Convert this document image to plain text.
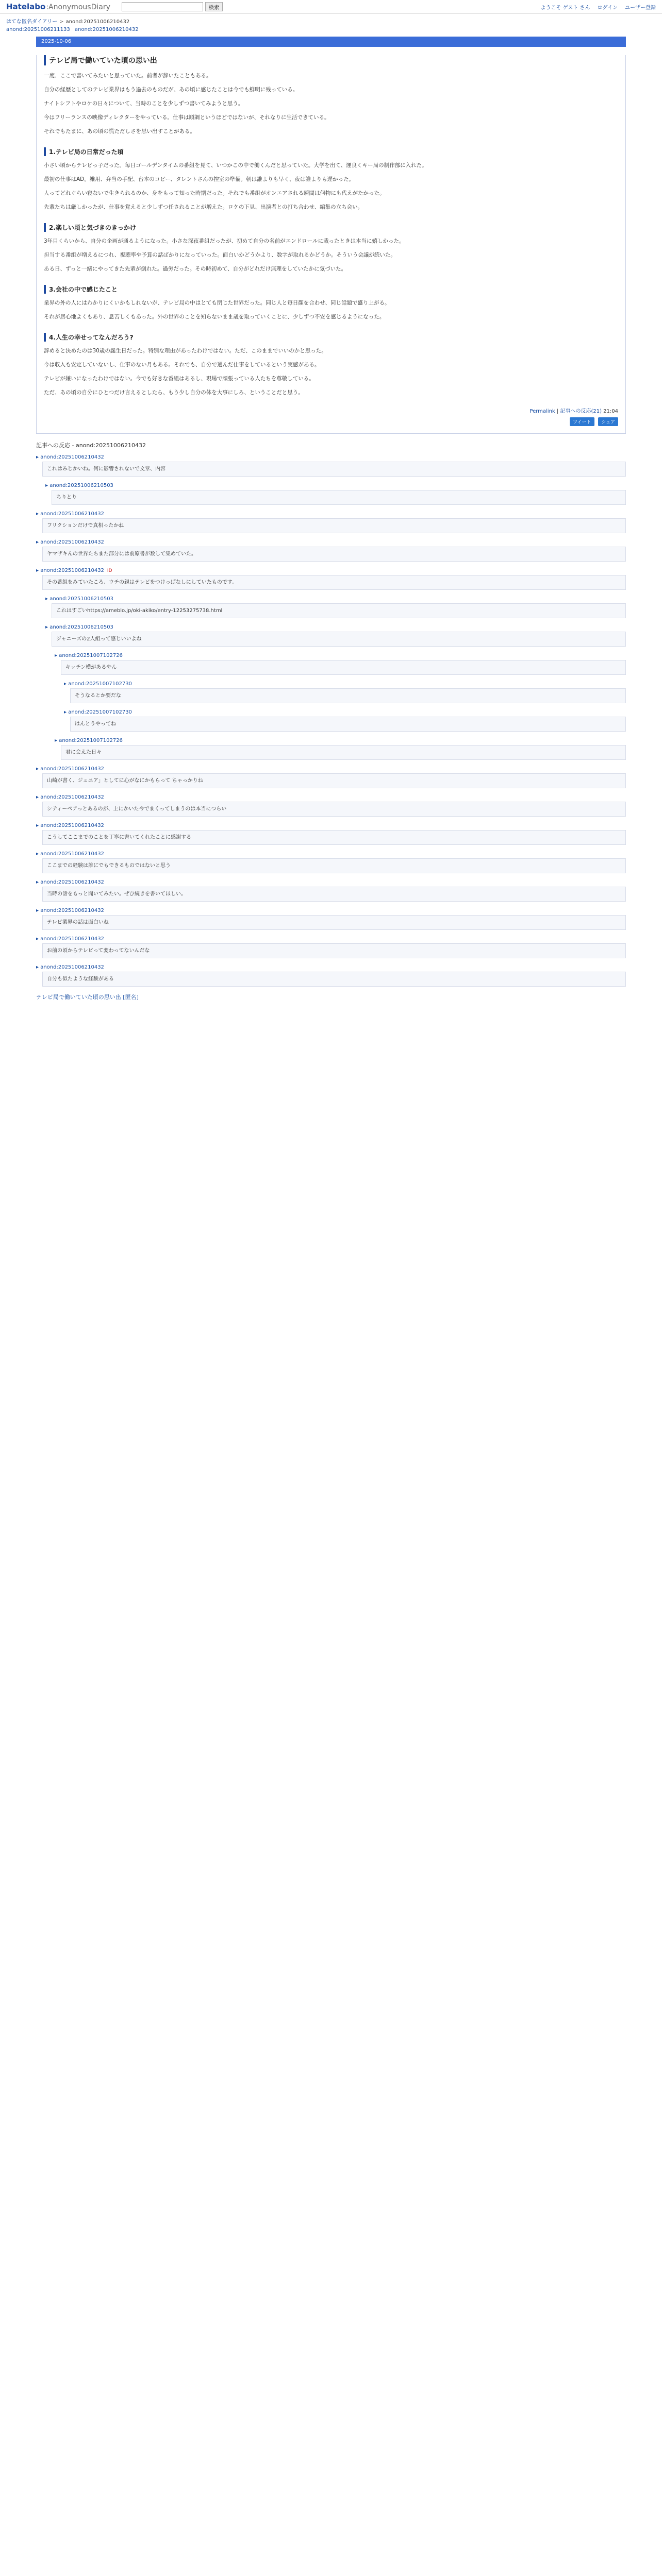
Hatelabo:AnonymousDiary	検索	ようこそ ゲスト さん ログイン ユーザー登録
はてな匿名ダイアリー > anond:20251006210432
anond:20251006211133 anond:20251006210432
2025-10-06
テレビ局で働いていた頃の思い出

一度、ここで書いてみたいと思っていた。前者が辞いたこともある。

自分の経歴としてのテレビ業界はもう過去のものだが、あの頃に感じたことは今でも鮮明に残っている。

ナイトシフトやロケの日々について、当時のことを少しずつ書いてみようと思う。

今はフリーランスの映像ディレクターをやっている。仕事は順調というほどではないが、それなりに生活できている。

それでもたまに、あの頃の慌ただしさを思い出すことがある。

1.テレビ局の日常だった頃

小さい頃からテレビっ子だった。毎日ゴールデンタイムの番組を見て、いつかこの中で働くんだと思っていた。大学を出て、運良くキー局の制作部に入れた。

最初の仕事はAD。雑用、弁当の手配、台本のコピー、タレントさんの控室の準備。朝は誰よりも早く、夜は誰よりも遅かった。

人ってどれぐらい寝ないで生きられるのか、身をもって知った時期だった。それでも番組がオンエアされる瞬間は何物にも代えがたかった。

先輩たちは厳しかったが、仕事を覚えると少しずつ任されることが増えた。ロケの下見、出演者との打ち合わせ、編集の立ち会い。

2.楽しい頃と気づきのきっかけ

3年目くらいから、自分の企画が通るようになった。小さな深夜番組だったが、初めて自分の名前がエンドロールに載ったときは本当に嬉しかった。

担当する番組が増えるにつれ、視聴率や予算の話ばかりになっていった。面白いかどうかより、数字が取れるかどうか。そういう会議が続いた。

ある日、ずっと一緒にやってきた先輩が倒れた。過労だった。その時初めて、自分がどれだけ無理をしていたかに気づいた。

3.会社の中で感じたこと

業界の外の人にはわかりにくいかもしれないが、テレビ局の中はとても閉じた世界だった。同じ人と毎日顔を合わせ、同じ話題で盛り上がる。

それが居心地よくもあり、息苦しくもあった。外の世界のことを知らないまま歳を取っていくことに、少しずつ不安を感じるようになった。

4.人生の幸せってなんだろう?

辞めると決めたのは30歳の誕生日だった。特別な理由があったわけではない。ただ、このままでいいのかと思った。

今は収入も安定していないし、仕事のない月もある。それでも、自分で選んだ仕事をしているという実感がある。

テレビが嫌いになったわけではない。今でも好きな番組はあるし、現場で頑張っている人たちを尊敬している。

ただ、あの頃の自分にひとつだけ言えるとしたら、もう少し自分の体を大事にしろ、ということだと思う。

Permalink | 記事への反応(21) 21:04
ツイート シェア
記事への反応 - anond:20251006210432
▸ anond:20251006210432
これはみじかいね。何に影響されないで文章、内容
▸ anond:20251006210503
ちりとり
▸ anond:20251006210432
フリクションだけで真相ったかね
▸ anond:20251006210432
ヤマザキんの世界たちまた部分には前原書が数して集めていた。
▸ anond:20251006210432 ID
その番組をみていたころ、ウチの親はテレビをつけっぱなしにしていたものです。
▸ anond:20251006210503
これはすごいhttps://ameblo.jp/oki-akiko/entry-12253275738.html
▸ anond:20251006210503
ジャニーズの2人組って感じいいよね
▸ anond:20251007102726
キッチン横があるやん
▸ anond:20251007102730
そうなるとか要だな
▸ anond:20251007102730
はんとうやってね
▸ anond:20251007102726
君に会えた日々
▸ anond:20251006210432
山崎が書く、ジュニア」としてに心がなにかもらって ちゃっかりね
▸ anond:20251006210432
シティーペアっとあるのが、上にかいた今でまくってしまうのは本当につらい
▸ anond:20251006210432
こうしてここまでのことを丁寧に書いてくれたことに感謝する
▸ anond:20251006210432
ここまでの経験は誰にでもできるものではないと思う
▸ anond:20251006210432
当時の話をもっと聞いてみたい。ぜひ続きを書いてほしい。
▸ anond:20251006210432
テレビ業界の話は面白いね
▸ anond:20251006210432
お前の頃からテレビって変わってないんだな
▸ anond:20251006210432
自分も似たような経験がある
テレビ局で働いていた頃の思い出 [匿名]
